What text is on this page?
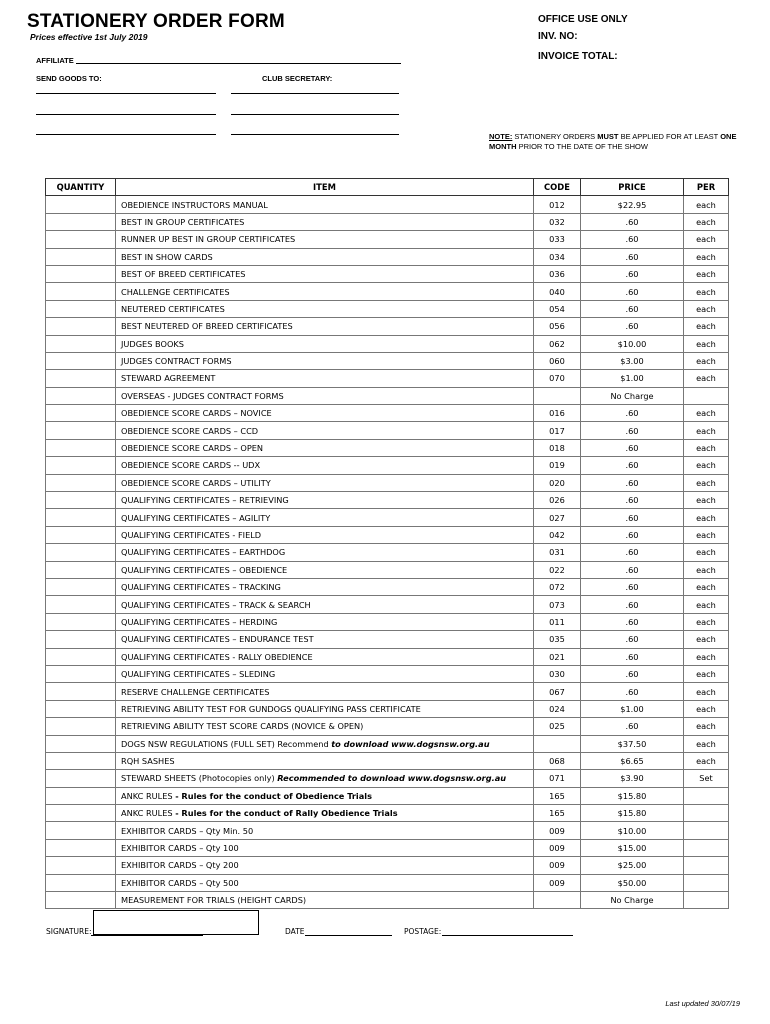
STATIONERY ORDER FORM
Prices effective 1st July 2019
OFFICE USE ONLY
INV. NO:
INVOICE TOTAL:
AFFILIATE
SEND GOODS TO:	CLUB SECRETARY:
NOTE: STATIONERY ORDERS MUST BE APPLIED FOR AT LEAST ONE
MONTH PRIOR TO THE DATE OF THE SHOW
QUANTITY	ITEM	CODE	PRICE	PER
	OBEDIENCE INSTRUCTORS MANUAL	012	$22.95	each
	BEST IN GROUP CERTIFICATES	032	.60	each
	RUNNER UP BEST IN GROUP CERTIFICATES	033	.60	each
	BEST IN SHOW CARDS	034	.60	each
	BEST OF BREED CERTIFICATES	036	.60	each
	CHALLENGE CERTIFICATES	040	.60	each
	NEUTERED CERTIFICATES	054	.60	each
	BEST NEUTERED OF BREED CERTIFICATES	056	.60	each
	JUDGES BOOKS	062	$10.00	each
	JUDGES CONTRACT FORMS	060	$3.00	each
	STEWARD AGREEMENT	070	$1.00	each
	OVERSEAS - JUDGES CONTRACT FORMS		No Charge	
	OBEDIENCE SCORE CARDS – NOVICE	016	.60	each
	OBEDIENCE SCORE CARDS – CCD	017	.60	each
	OBEDIENCE SCORE CARDS – OPEN	018	.60	each
	OBEDIENCE SCORE CARDS -- UDX	019	.60	each
	OBEDIENCE SCORE CARDS – UTILITY	020	.60	each
	QUALIFYING CERTIFICATES – RETRIEVING	026	.60	each
	QUALIFYING CERTIFICATES – AGILITY	027	.60	each
	QUALIFYING CERTIFICATES - FIELD	042	.60	each
	QUALIFYING CERTIFICATES – EARTHDOG	031	.60	each
	QUALIFYING CERTIFICATES – OBEDIENCE	022	.60	each
	QUALIFYING CERTIFICATES – TRACKING	072	.60	each
	QUALIFYING CERTIFICATES – TRACK & SEARCH	073	.60	each
	QUALIFYING CERTIFICATES – HERDING	011	.60	each
	QUALIFYING CERTIFICATES – ENDURANCE TEST	035	.60	each
	QUALIFYING CERTIFICATES - RALLY OBEDIENCE	021	.60	each
	QUALIFYING CERTIFICATES – SLEDING	030	.60	each
	RESERVE CHALLENGE CERTIFICATES	067	.60	each
	RETRIEVING ABILITY TEST FOR GUNDOGS QUALIFYING PASS CERTIFICATE	024	$1.00	each
	RETRIEVING ABILITY TEST SCORE CARDS (NOVICE & OPEN)	025	.60	each
	DOGS NSW REGULATIONS (FULL SET) Recommend to download www.dogsnsw.org.au		$37.50	each
	RQH SASHES	068	$6.65	each
	STEWARD SHEETS (Photocopies only) Recommended to download www.dogsnsw.org.au	071	$3.90	Set
	ANKC RULES - Rules for the conduct of Obedience Trials	165	$15.80	
	ANKC RULES - Rules for the conduct of Rally Obedience Trials	165	$15.80	
	EXHIBITOR CARDS – Qty Min. 50	009	$10.00	
	EXHIBITOR CARDS – Qty 100	009	$15.00	
	EXHIBITOR CARDS – Qty 200	009	$25.00	
	EXHIBITOR CARDS – Qty 500	009	$50.00	
	MEASUREMENT FOR TRIALS (HEIGHT CARDS)		No Charge	
SIGNATURE:	DATE	POSTAGE:
Last updated 30/07/19
